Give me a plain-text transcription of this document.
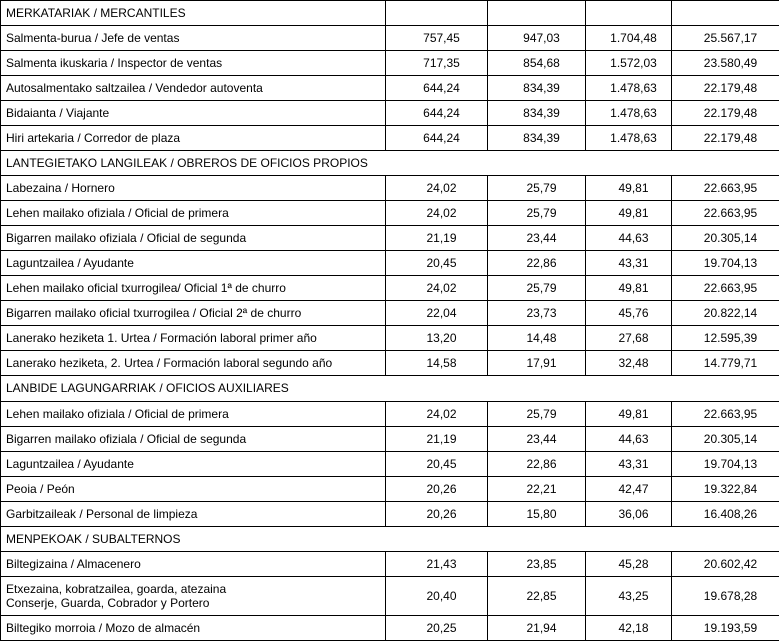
MERKATARIAK / MERCANTILES				
Salmenta-burua / Jefe de ventas	757,45	947,03	1.704,48	25.567,17
Salmenta ikuskaria / Inspector de ventas	717,35	854,68	1.572,03	23.580,49
Autosalmentako saltzailea / Vendedor autoventa	644,24	834,39	1.478,63	22.179,48
Bidaianta / Viajante	644,24	834,39	1.478,63	22.179,48
Hiri artekaria / Corredor de plaza	644,24	834,39	1.478,63	22.179,48
LANTEGIETAKO LANGILEAK / OBREROS DE OFICIOS PROPIOS				
Labezaina / Hornero	24,02	25,79	49,81	22.663,95
Lehen mailako ofiziala / Oficial de primera	24,02	25,79	49,81	22.663,95
Bigarren mailako ofiziala / Oficial de segunda	21,19	23,44	44,63	20.305,14
Laguntzailea / Ayudante	20,45	22,86	43,31	19.704,13
Lehen mailako oficial txurrogilea/ Oficial 1ª de churro	24,02	25,79	49,81	22.663,95
Bigarren mailako oficial txurrogilea / Oficial 2ª de churro	22,04	23,73	45,76	20.822,14
Lanerako heziketa 1. Urtea / Formación laboral primer año	13,20	14,48	27,68	12.595,39
Lanerako heziketa, 2. Urtea / Formación laboral segundo año	14,58	17,91	32,48	14.779,71
LANBIDE LAGUNGARRIAK / OFICIOS AUXILIARES				
Lehen mailako ofiziala / Oficial de primera	24,02	25,79	49,81	22.663,95
Bigarren mailako ofiziala / Oficial de segunda	21,19	23,44	44,63	20.305,14
Laguntzailea / Ayudante	20,45	22,86	43,31	19.704,13
Peoia / Peón	20,26	22,21	42,47	19.322,84
Garbitzaileak / Personal de limpieza	20,26	15,80	36,06	16.408,26
MENPEKOAK / SUBALTERNOS				
Biltegizaina / Almacenero	21,43	23,85	45,28	20.602,42

Etxezaina, kobratzailea, goarda, atezaina
Conserje, Guarda, Cobrador y Portero	20,40	22,85	43,25	19.678,28
Biltegiko morroia / Mozo de almacén	20,25	21,94	42,18	19.193,59
